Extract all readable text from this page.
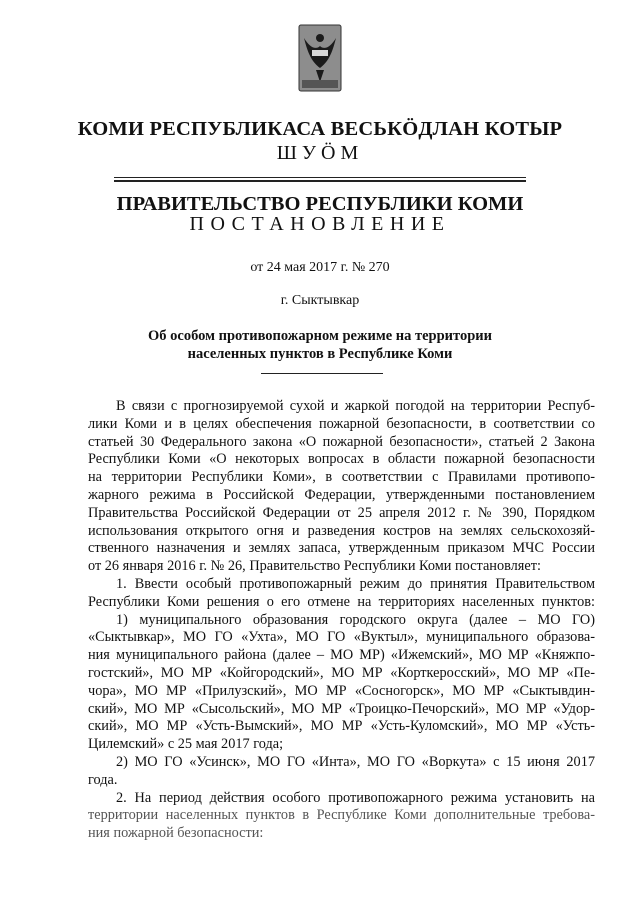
КОМИ РЕСПУБЛИКАСА ВЕСЬКÖДЛАН КОТЫР
ШУÖМ
ПРАВИТЕЛЬСТВО РЕСПУБЛИКИ КОМИ
ПОСТАНОВЛЕНИЕ
от 24 мая 2017 г. № 270
г. Сыктывкар
Об особом противопожарном режиме на территории
населенных пунктов в Республике Коми
В связи с прогнозируемой сухой и жаркой погодой на территории Респуб-
лики Коми и в целях обеспечения пожарной безопасности, в соответствии со
статьей 30 Федерального закона «О пожарной безопасности», статьей 2 Закона
Республики Коми «О некоторых вопросах в области пожарной безопасности
на территории Республики Коми», в соответствии с Правилами противопо-
жарного режима в Российской Федерации, утвержденными постановлением
Правительства Российской Федерации от 25 апреля 2012 г. № 390, Порядком
использования открытого огня и разведения костров на землях сельскохозяй-
ственного назначения и землях запаса, утвержденным приказом МЧС России
от 26 января 2016 г. № 26, Правительство Республики Коми постановляет:
1. Ввести особый противопожарный режим до принятия Правительством
Республики Коми решения о его отмене на территориях населенных пунктов:
1) муниципального образования городского округа (далее – МО ГО)
«Сыктывкар», МО ГО «Ухта», МО ГО «Вуктыл», муниципального образова-
ния муниципального района (далее – МО МР) «Ижемский», МО МР «Княжпо-
гостский», МО МР «Койгородский», МО МР «Корткеросский», МО МР «Пе-
чора», МО МР «Прилузский», МО МР «Сосногорск», МО МР «Сыктывдин-
ский», МО МР «Сысольский», МО МР «Троицко-Печорский», МО МР «Удор-
ский», МО МР «Усть-Вымский», МО МР «Усть-Куломский», МО МР «Усть-
Цилемский» с 25 мая 2017 года;
2) МО ГО «Усинск», МО ГО «Инта», МО ГО «Воркута» с 15 июня 2017
года.
2. На период действия особого противопожарного режима установить на
территории населенных пунктов в Республике Коми дополнительные требова-
ния пожарной безопасности:
